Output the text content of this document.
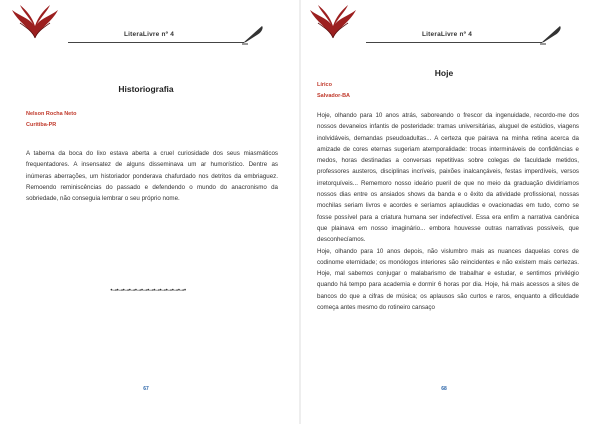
LiteraLivre nº 4
Historiografia
Nelson Rocha Neto
Curitiba-PR

A taberna da boca do lixo estava aberta a cruel curiosidade dos seus miasmáticos frequentadores. A insensatez de alguns disseminava um ar humorístico. Dentre as inúmeras aberrações, um historiador ponderava chafurdado nos detritos da embriaguez. Remoendo reminiscências do passado e defendendo o mundo do anacronismo da sobriedade, não conseguia lembrar o seu próprio nome.

•⊸•⊸•⊸•⊸•⊸•⊸•⊸•⊸•⊸•⊸•⊸•⊸•
67
LiteraLivre nº 4
Hoje
Lírico
Salvador-BA

Hoje, olhando para 10 anos atrás, saboreando o frescor da ingenuidade, recordo-me dos nossos devaneios infantis de posteridade: tramas universitárias, aluguel de estúdios, viagens inolvidáveis, demandas pseudoadultas... A certeza que pairava na minha retina acerca da amizade de cores eternas sugeriam atemporalidade: trocas intermináveis de confidências e medos, horas destinadas a conversas repetitivas sobre colegas de faculdade metidos, professores austeros, disciplinas incríveis, paixões inalcançáveis, festas imperdíveis, versos irretorquíveis... Rememoro nosso ideário pueril de que no meio da graduação dividiríamos nossos dias entre os ansiados shows da banda e o êxito da atividade profissional, nossas mochilas seriam livros e acordes e seríamos aplaudidas e ovacionadas em tudo, como se fosse possível para a criatura humana ser indefectível. Essa era enfim a narrativa canônica que plainava em nosso imaginário... embora houvesse outras narrativas possíveis, que desconhecíamos.

Hoje, olhando para 10 anos depois, não vislumbro mais as nuances daquelas cores de codinome eternidade; os monólogos interiores são reincidentes e não existem mais certezas. Hoje, mal sabemos conjugar o malabarismo de trabalhar e estudar, e sentimos privilégio quando há tempo para academia e dormir 6 horas por dia. Hoje, há mais acessos a sites de bancos do que a cifras de música; os aplausos são curtos e raros, enquanto a dificuldade começa antes mesmo do rotineiro cansaço

68
